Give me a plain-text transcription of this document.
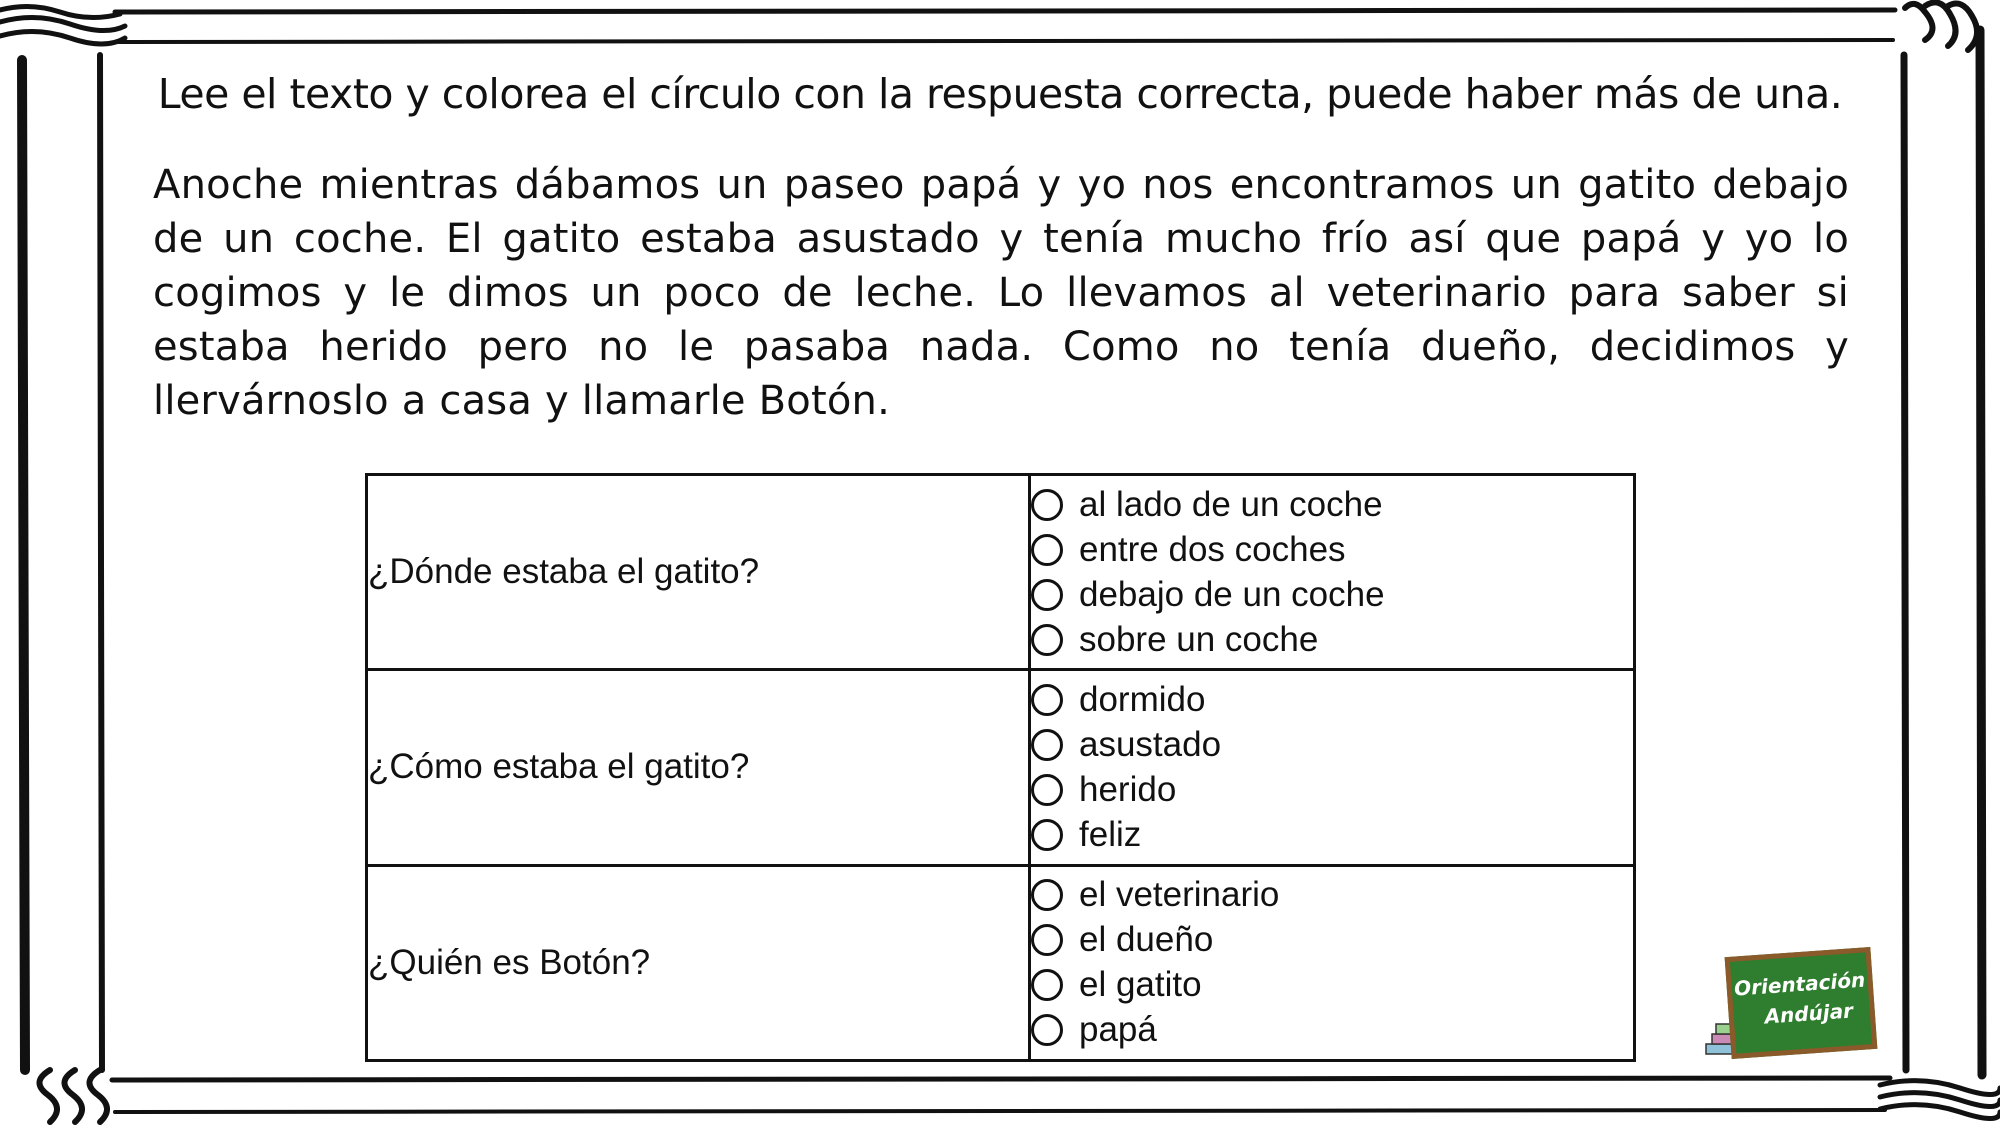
Lee el texto y colorea el círculo con la respuesta correcta, puede haber más de una.
Anoche mientras dábamos un paseo papá y yo nos encontramos un gatito debajo de un coche. El gatito estaba asustado y tenía mucho frío así que papá y yo lo cogimos y le dimos un poco de leche. Lo llevamos al veterinario para saber si estaba herido pero no le pasaba nada. Como no tenía dueño, decidimos y llervárnoslo a casa y llamarle Botón.
¿Dónde estaba el gatito?	al lado de un coche
entre dos coches
debajo de un coche
sobre un coche

¿Cómo estaba el gatito?	dormido
asustado
herido
feliz

¿Quién es Botón?	el veterinario
el dueño
el gatito
papá
Orientación
Andújar
